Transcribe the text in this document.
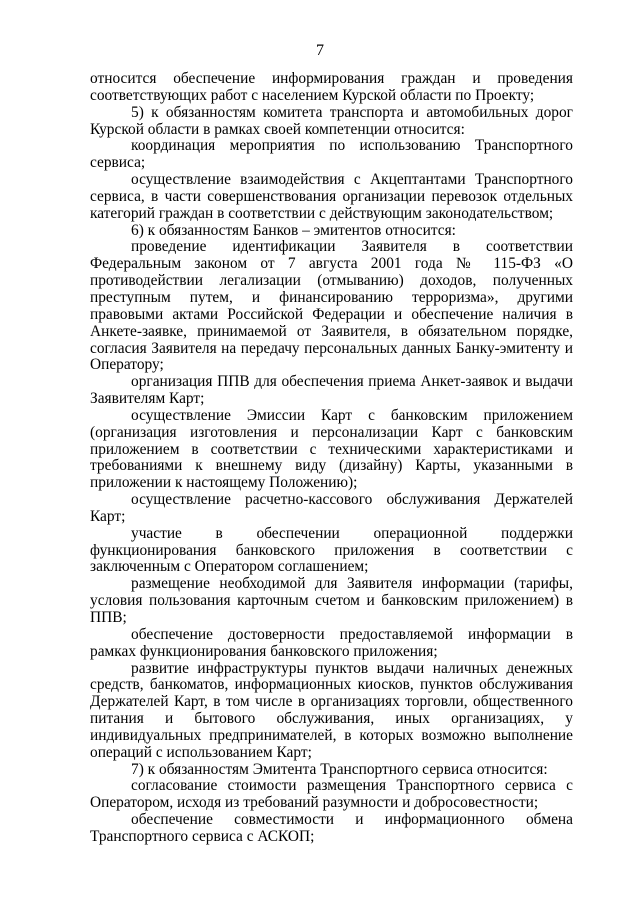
7

относится обеспечение информирования граждан и проведения соответствующих работ с населением Курской области по Проекту;

5) к обязанностям комитета транспорта и автомобильных дорог Курской области в рамках своей компетенции относится:

координация мероприятия по использованию Транспортного сервиса;

осуществление взаимодействия с Акцептантами Транспортного сервиса, в части совершенствования организации перевозок отдельных категорий граждан в соответствии с действующим законодательством;

6) к обязанностям Банков – эмитентов относится:

проведение идентификации Заявителя в соответствии Федеральным законом от 7 августа 2001 года № 115-ФЗ «О противодействии легализации (отмыванию) доходов, полученных преступным путем, и финансированию терроризма», другими правовыми актами Российской Федерации и обеспечение наличия в Анкете-заявке, принимаемой от Заявителя, в обязательном порядке, согласия Заявителя на передачу персональных данных Банку-эмитенту и Оператору;

организация ППВ для обеспечения приема Анкет-заявок и выдачи Заявителям Карт;

осуществление Эмиссии Карт с банковским приложением (организация изготовления и персонализации Карт с банковским приложением в соответствии с техническими характеристиками и требованиями к внешнему виду (дизайну) Карты, указанными в приложении к настоящему Положению);

осуществление расчетно-кассового обслуживания Держателей Карт;

участие в обеспечении операционной поддержки функционирования банковского приложения в соответствии с заключенным с Оператором соглашением;

размещение необходимой для Заявителя информации (тарифы, условия пользования карточным счетом и банковским приложением) в ППВ;

обеспечение достоверности предоставляемой информации в рамках функционирования банковского приложения;

развитие инфраструктуры пунктов выдачи наличных денежных средств, банкоматов, информационных киосков, пунктов обслуживания Держателей Карт, в том числе в организациях торговли, общественного питания и бытового обслуживания, иных организациях, у индивидуальных предпринимателей, в которых возможно выполнение операций с использованием Карт;

7) к обязанностям Эмитента Транспортного сервиса относится:

согласование стоимости размещения Транспортного сервиса с Оператором, исходя из требований разумности и добросовестности;

обеспечение совместимости и информационного обмена Транспортного сервиса с АСКОП;
